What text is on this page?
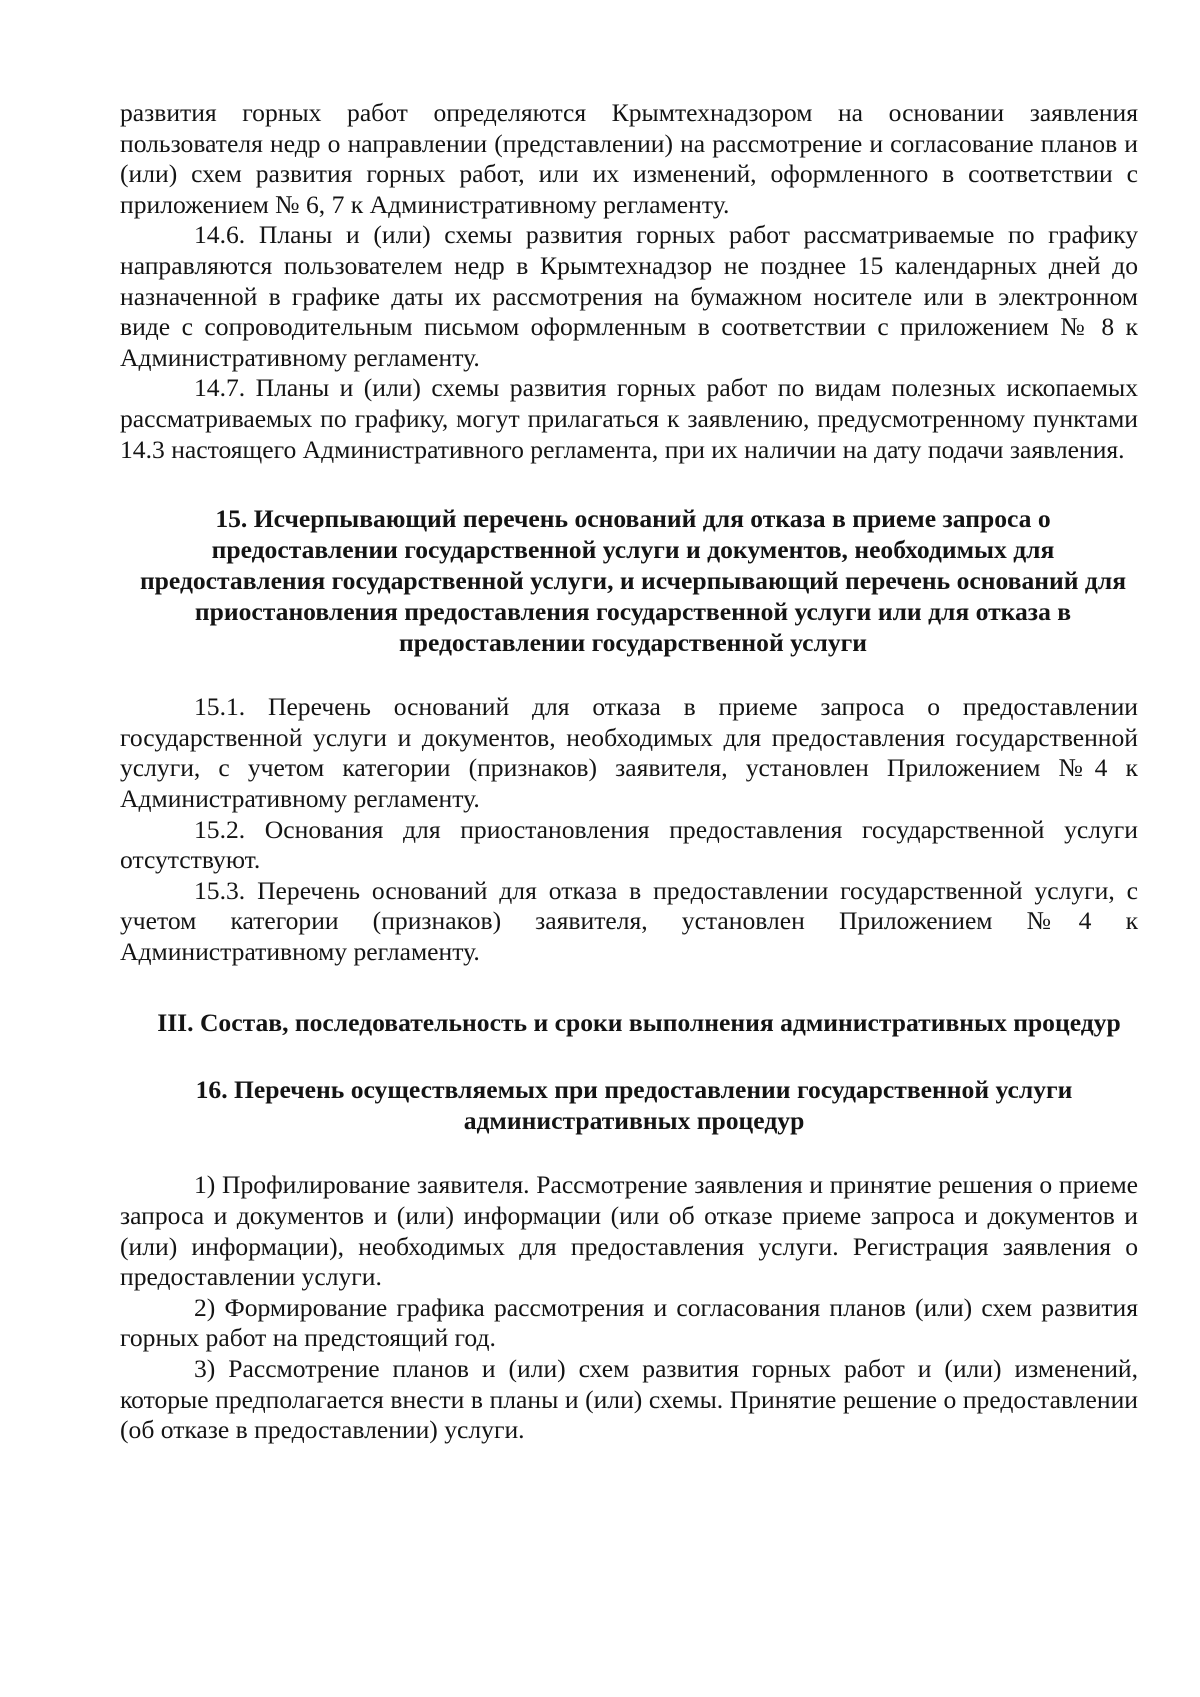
развития горных работ определяются Крымтехнадзором на основании заявления пользователя недр о направлении (представлении) на рассмотрение и согласование планов и (или) схем развития горных работ, или их изменений, оформленного в соответствии с приложением № 6, 7 к Административному регламенту.

14.6. Планы и (или) схемы развития горных работ рассматриваемые по графику направляются пользователем недр в Крымтехнадзор не позднее 15 календарных дней до назначенной в графике даты их рассмотрения на бумажном носителе или в электронном виде с сопроводительным письмом оформленным в соответствии с приложением № 8 к Административному регламенту.

14.7. Планы и (или) схемы развития горных работ по видам полезных ископаемых рассматриваемых по графику, могут прилагаться к заявлению, предусмотренному пунктами 14.3 настоящего Административного регламента, при их наличии на дату подачи заявления.

15. Исчерпывающий перечень оснований для отказа в приеме запроса о предоставлении государственной услуги и документов, необходимых для предоставления государственной услуги, и исчерпывающий перечень оснований для приостановления предоставления государственной услуги или для отказа в предоставлении государственной услуги

15.1. Перечень оснований для отказа в приеме запроса о предоставлении государственной услуги и документов, необходимых для предоставления государственной услуги, с учетом категории (признаков) заявителя, установлен Приложением №4 к Административному регламенту.

15.2. Основания для приостановления предоставления государственной услуги отсутствуют.

15.3. Перечень оснований для отказа в предоставлении государственной услуги, с учетом категории (признаков) заявителя, установлен Приложением №4 к Административному регламенту.

III. Состав, последовательность и сроки выполнения административных процедур
16. Перечень осуществляемых при предоставлении государственной услуги административных процедур

1) Профилирование заявителя. Рассмотрение заявления и принятие решения о приеме запроса и документов и (или) информации (или об отказе приеме запроса и документов и (или) информации), необходимых для предоставления услуги. Регистрация заявления о предоставлении услуги.

2) Формирование графика рассмотрения и согласования планов (или) схем развития горных работ на предстоящий год.

3) Рассмотрение планов и (или) схем развития горных работ и (или) изменений, которые предполагается внести в планы и (или) схемы. Принятие решение о предоставлении (об отказе в предоставлении) услуги.
